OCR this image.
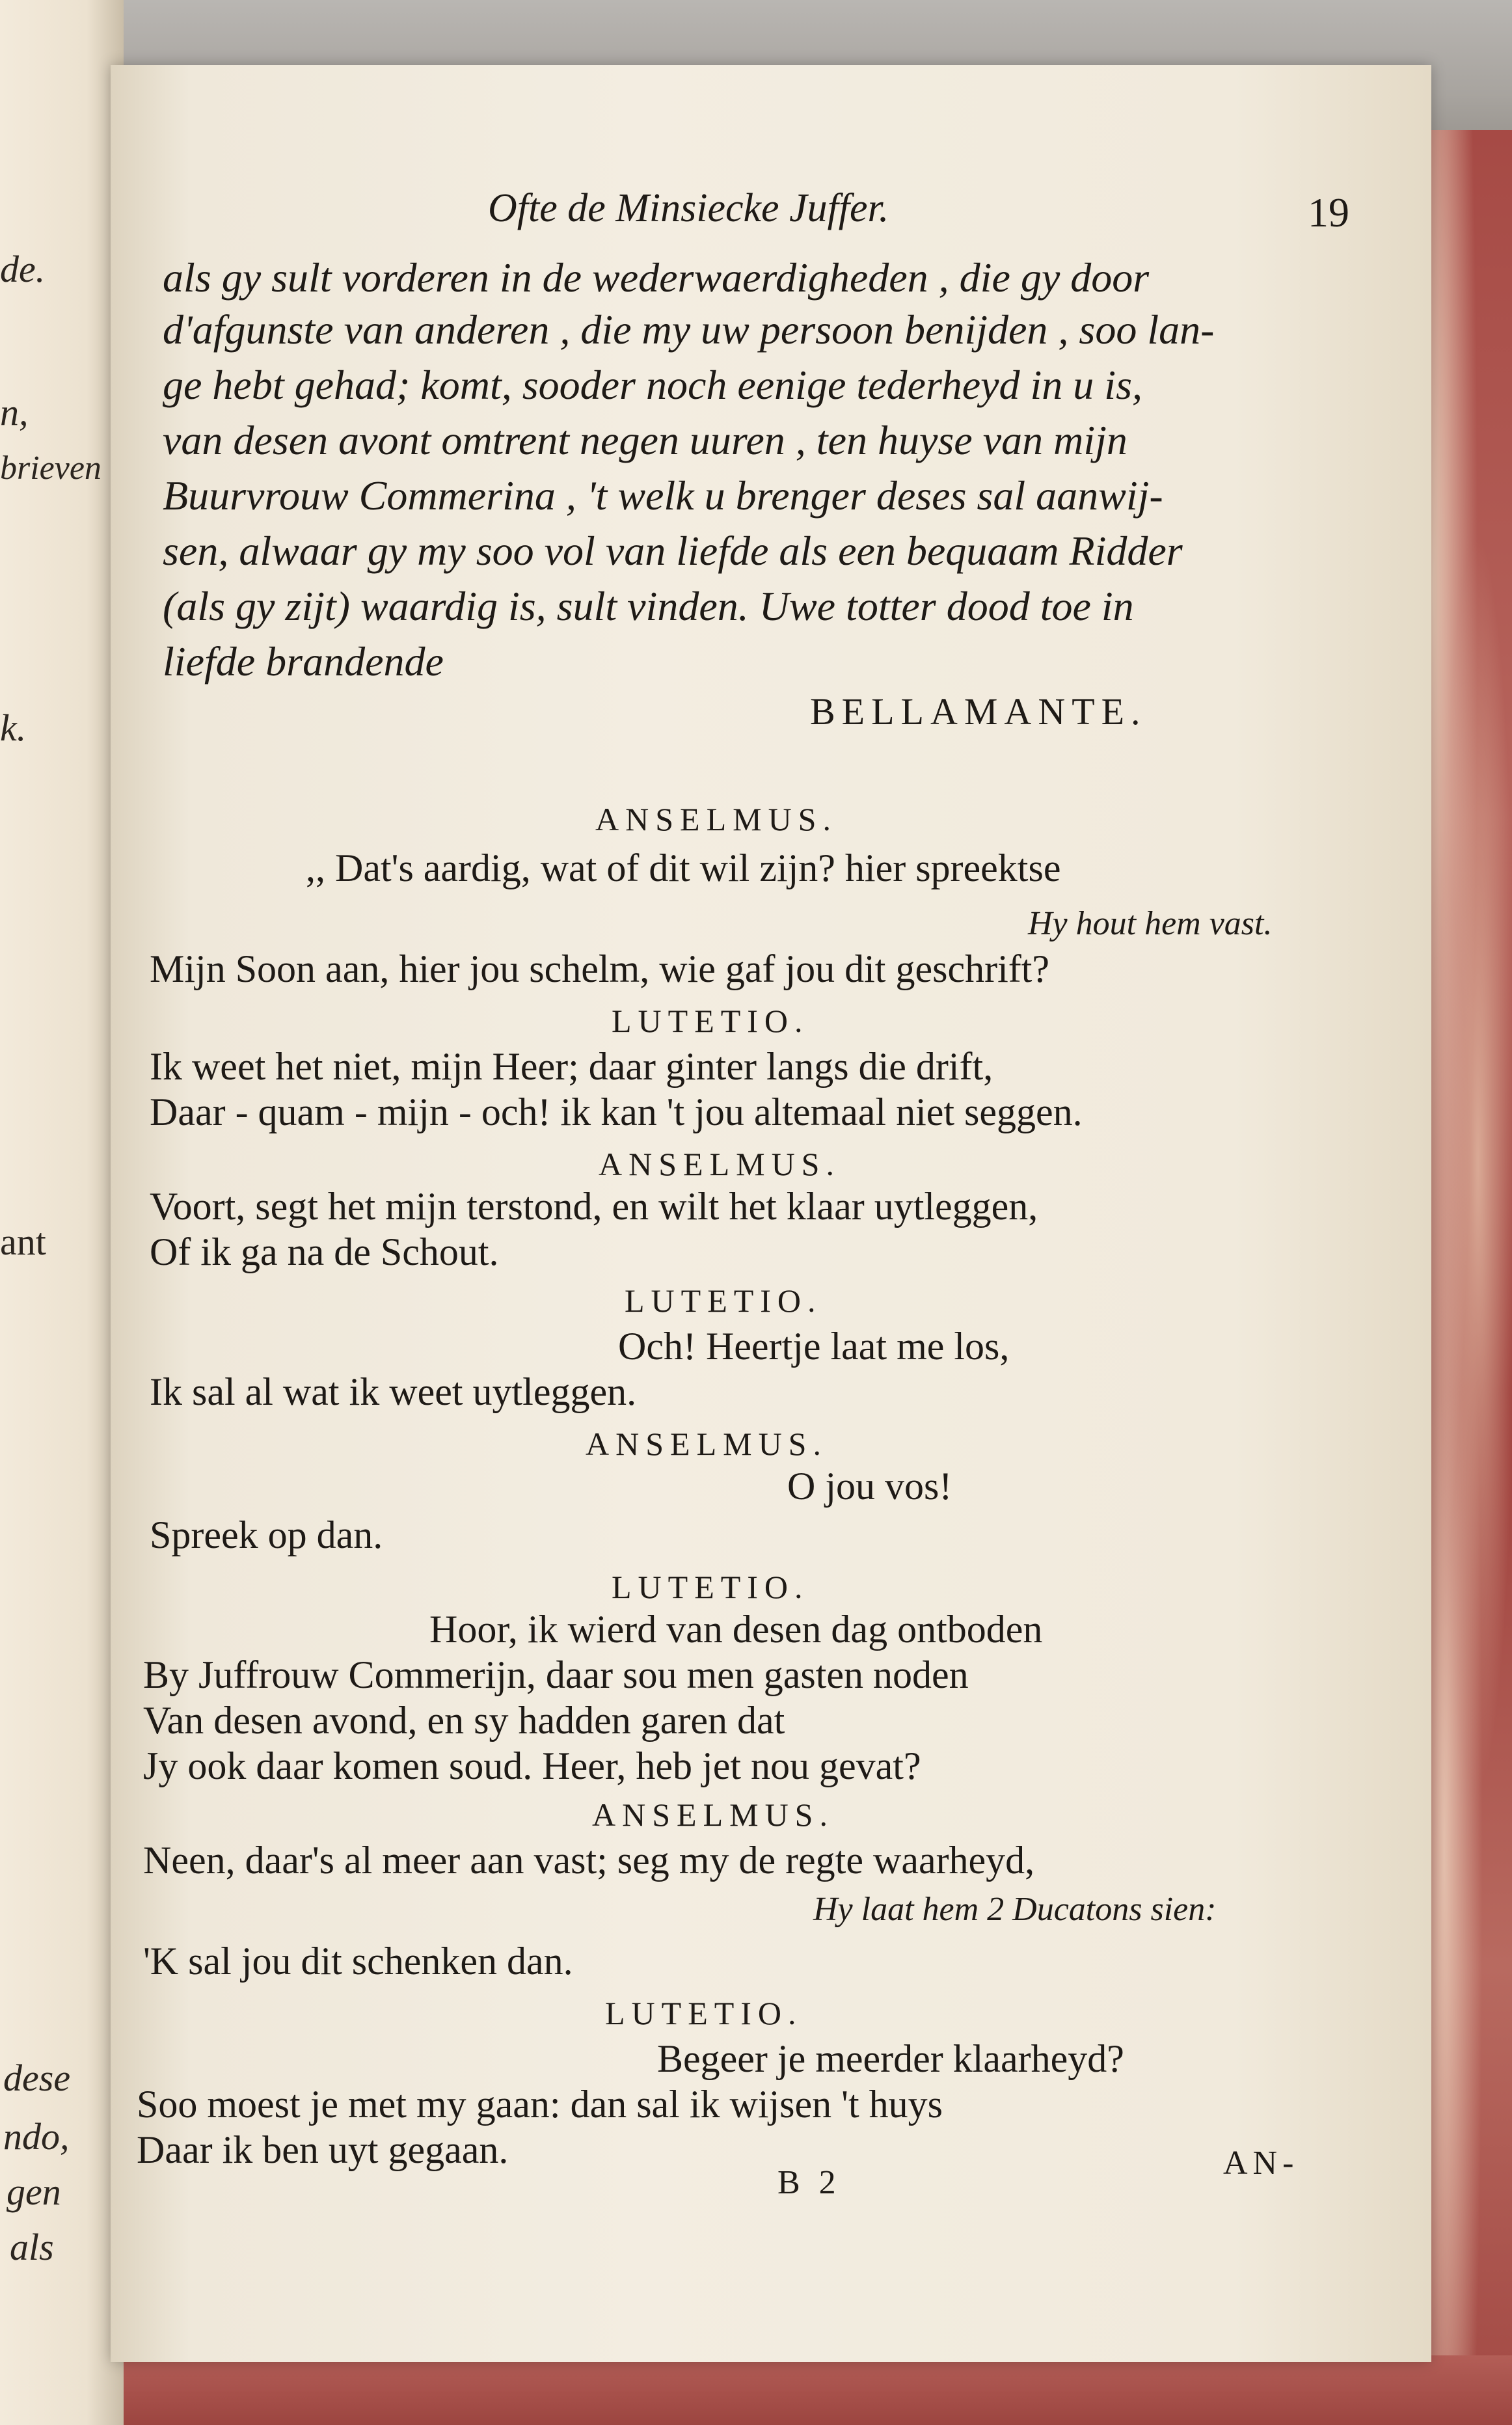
de.
n,
brieven
k.
ant
dese
ndo,
gen
als
Ofte de Minsiecke Juffer.	19
als gy sult vorderen in de wederwaerdigheden , die gy door
d'afgunste van anderen , die my uw persoon benijden , soo lan-
ge hebt gehad; komt, sooder noch eenige tederheyd in u is,
van desen avont omtrent negen uuren , ten huyse van mijn
Buurvrouw Commerina , 't welk u brenger deses sal aanwij-
sen, alwaar gy my soo vol van liefde als een bequaam Ridder
(als gy zijt) waardig is, sult vinden. Uwe totter dood toe in
liefde brandende
BELLAMANTE.
ANSELMUS.
,, Dat's aardig, wat of dit wil zijn? hier spreektse
Hy hout hem vast.
Mijn Soon aan, hier jou schelm, wie gaf jou dit geschrift?
LUTETIO.
Ik weet het niet, mijn Heer; daar ginter langs die drift,
Daar - quam - mijn - och! ik kan 't jou altemaal niet seggen.
ANSELMUS.
Voort, segt het mijn terstond, en wilt het klaar uytleggen,
Of ik ga na de Schout.
LUTETIO.
Och! Heertje laat me los,
Ik sal al wat ik weet uytleggen.
ANSELMUS.
O jou vos!
Spreek op dan.
LUTETIO.
Hoor, ik wierd van desen dag ontboden
By Juffrouw Commerijn, daar sou men gasten noden
Van desen avond, en sy hadden garen dat
Jy ook daar komen soud. Heer, heb jet nou gevat?
ANSELMUS.
Neen, daar's al meer aan vast; seg my de regte waarheyd,
Hy laat hem 2 Ducatons sien:
'K sal jou dit schenken dan.
LUTETIO.
Begeer je meerder klaarheyd?
Soo moest je met my gaan: dan sal ik wijsen 't huys
Daar ik ben uyt gegaan.
B 2
AN-
